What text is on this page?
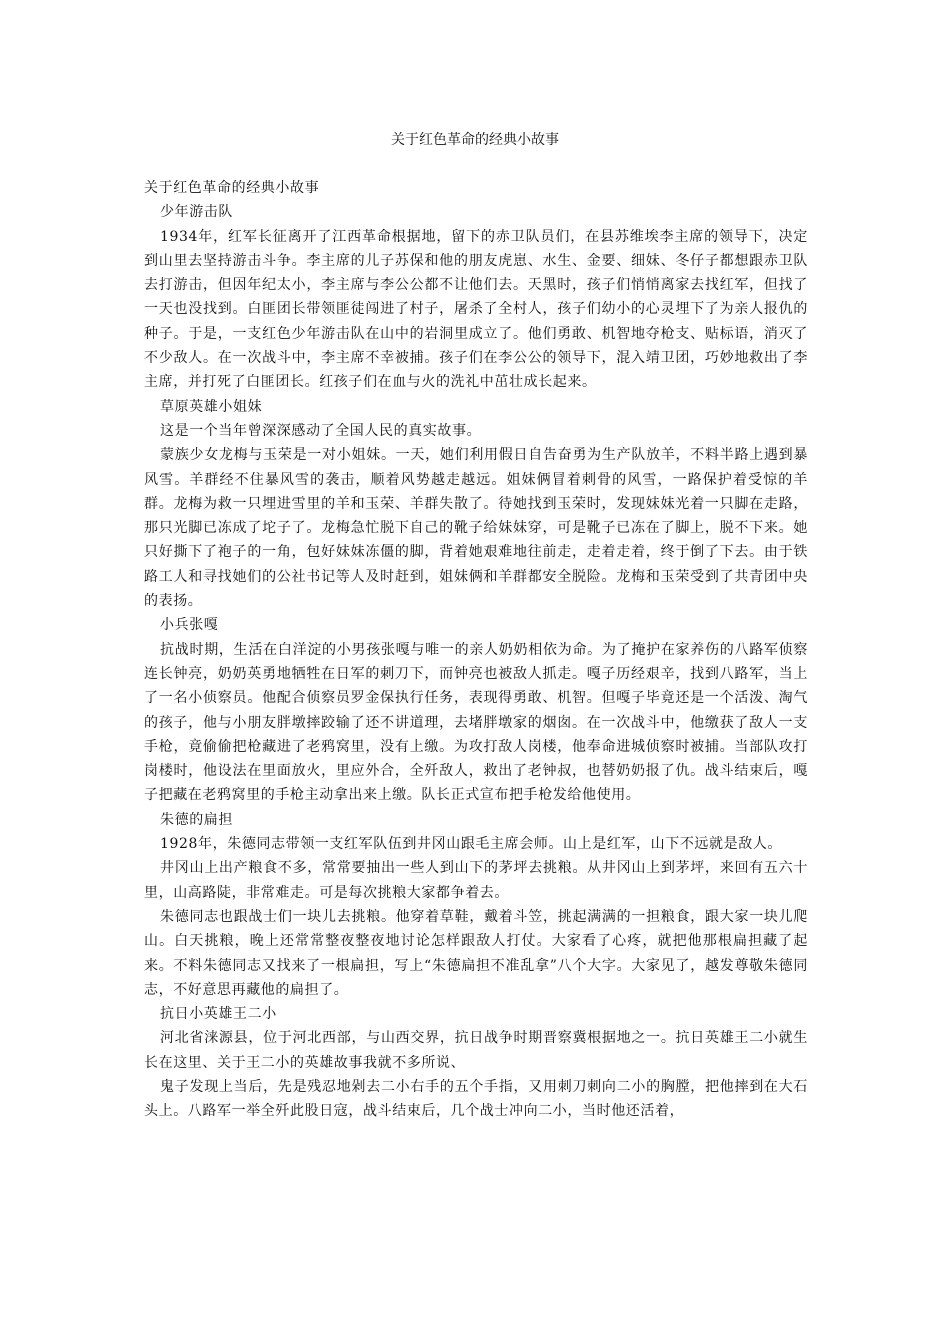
关于红色革命的经典小故事

关于红色革命的经典小故事

少年游击队

1934年，红军长征离开了江西革命根据地，留下的赤卫队员们，在县苏维埃李主席的领导下，决定到山里去坚持游击斗争。李主席的儿子苏保和他的朋友虎崽、水生、金要、细妹、冬仔子都想跟赤卫队去打游击，但因年纪太小，李主席与李公公都不让他们去。天黑时，孩子们悄悄离家去找红军，但找了一天也没找到。白匪团长带领匪徒闯进了村子，屠杀了全村人，孩子们幼小的心灵埋下了为亲人报仇的种子。于是，一支红色少年游击队在山中的岩洞里成立了。他们勇敢、机智地夺枪支、贴标语，消灭了不少敌人。在一次战斗中，李主席不幸被捕。孩子们在李公公的领导下，混入靖卫团，巧妙地救出了李主席，并打死了白匪团长。红孩子们在血与火的洗礼中茁壮成长起来。

草原英雄小姐妹

这是一个当年曾深深感动了全国人民的真实故事。

蒙族少女龙梅与玉荣是一对小姐妹。一天，她们利用假日自告奋勇为生产队放羊，不料半路上遇到暴风雪。羊群经不住暴风雪的袭击，顺着风势越走越远。姐妹俩冒着刺骨的风雪，一路保护着受惊的羊群。龙梅为救一只埋进雪里的羊和玉荣、羊群失散了。待她找到玉荣时，发现妹妹光着一只脚在走路，那只光脚已冻成了坨子了。龙梅急忙脱下自己的靴子给妹妹穿，可是靴子已冻在了脚上，脱不下来。她只好撕下了袍子的一角，包好妹妹冻僵的脚，背着她艰难地往前走，走着走着，终于倒了下去。由于铁路工人和寻找她们的公社书记等人及时赶到，姐妹俩和羊群都安全脱险。龙梅和玉荣受到了共青团中央的表扬。

小兵张嘎

抗战时期，生活在白洋淀的小男孩张嘎与唯一的亲人奶奶相依为命。为了掩护在家养伤的八路军侦察连长钟亮，奶奶英勇地牺牲在日军的刺刀下，而钟亮也被敌人抓走。嘎子历经艰辛，找到八路军，当上了一名小侦察员。他配合侦察员罗金保执行任务，表现得勇敢、机智。但嘎子毕竟还是一个活泼、淘气的孩子，他与小朋友胖墩摔跤输了还不讲道理，去堵胖墩家的烟囱。在一次战斗中，他缴获了敌人一支手枪，竟偷偷把枪藏进了老鸦窝里，没有上缴。为攻打敌人岗楼，他奉命进城侦察时被捕。当部队攻打岗楼时，他设法在里面放火，里应外合，全歼敌人，救出了老钟叔，也替奶奶报了仇。战斗结束后，嘎子把藏在老鸦窝里的手枪主动拿出来上缴。队长正式宣布把手枪发给他使用。

朱德的扁担

1928年，朱德同志带领一支红军队伍到井冈山跟毛主席会师。山上是红军，山下不远就是敌人。

井冈山上出产粮食不多，常常要抽出一些人到山下的茅坪去挑粮。从井冈山上到茅坪，来回有五六十里，山高路陡，非常难走。可是每次挑粮大家都争着去。

朱德同志也跟战士们一块儿去挑粮。他穿着草鞋，戴着斗笠，挑起满满的一担粮食，跟大家一块儿爬山。白天挑粮，晚上还常常整夜整夜地讨论怎样跟敌人打仗。大家看了心疼，就把他那根扁担藏了起来。不料朱德同志又找来了一根扁担，写上“朱德扁担不准乱拿”八个大字。大家见了，越发尊敬朱德同志，不好意思再藏他的扁担了。

抗日小英雄王二小

河北省涞源县，位于河北西部，与山西交界，抗日战争时期晋察冀根据地之一。抗日英雄王二小就生长在这里、关于王二小的英雄故事我就不多所说、

鬼子发现上当后，先是残忍地剁去二小右手的五个手指，又用刺刀刺向二小的胸膛，把他摔到在大石头上。八路军一举全歼此股日寇，战斗结束后，几个战士冲向二小，当时他还活着，
